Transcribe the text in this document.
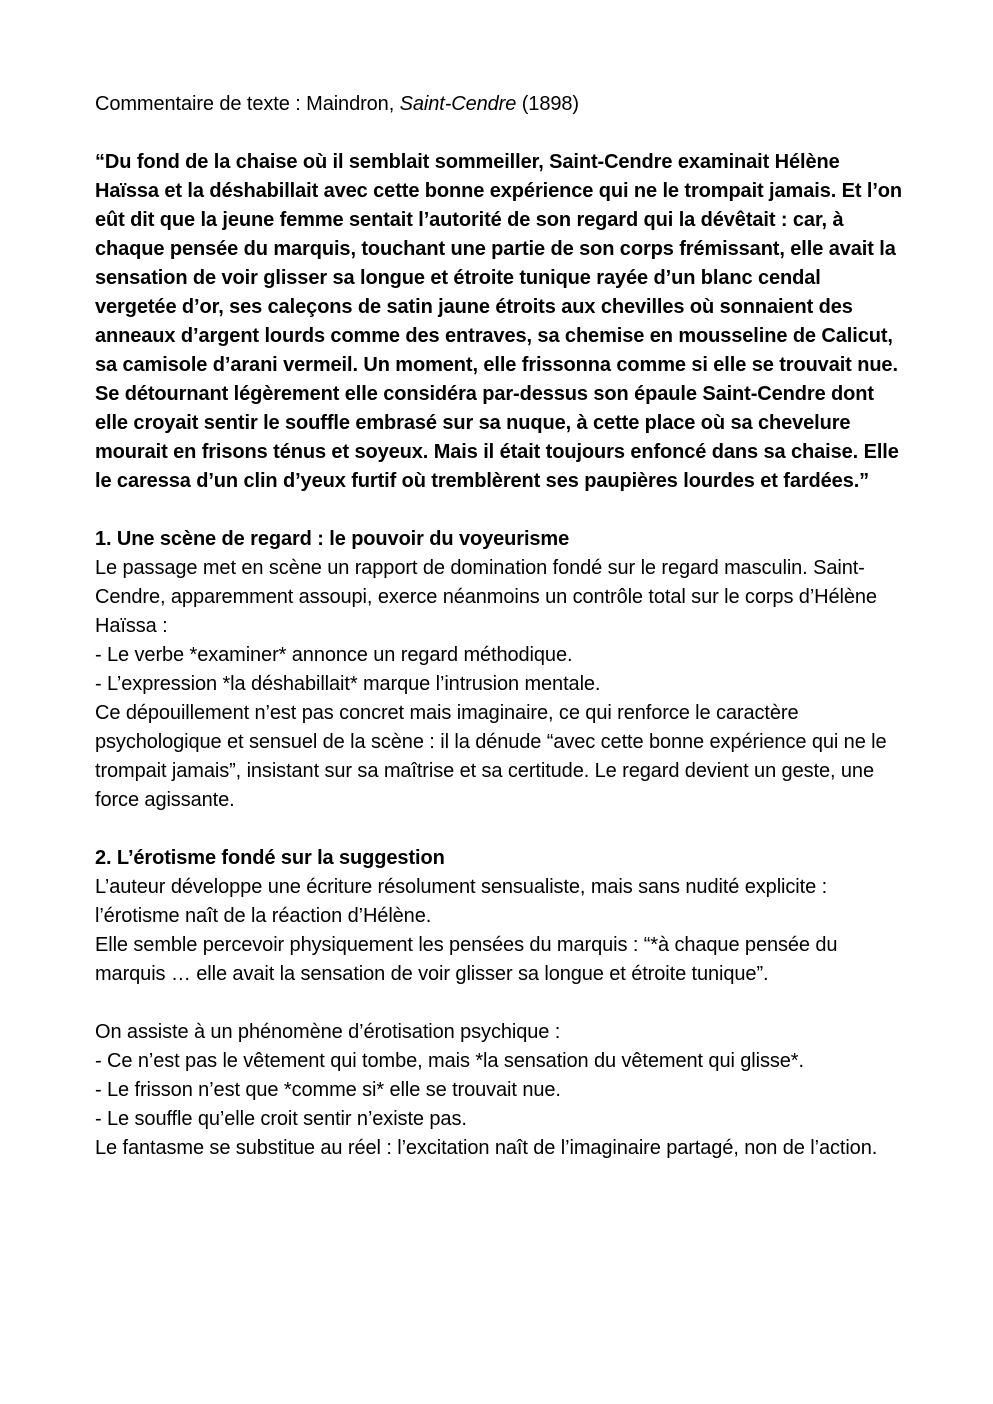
Commentaire de texte : Maindron, Saint-Cendre (1898)

“Du fond de la chaise où il semblait sommeiller, Saint-Cendre examinait Hélène Haïssa et la déshabillait avec cette bonne expérience qui ne le trompait jamais. Et l’on eût dit que la jeune femme sentait l’autorité de son regard qui la dévêtait : car, à chaque pensée du marquis, touchant une partie de son corps frémissant, elle avait la sensation de voir glisser sa longue et étroite tunique rayée d’un blanc cendal vergetée d’or, ses caleçons de satin jaune étroits aux chevilles où sonnaient des anneaux d’argent lourds comme des entraves, sa chemise en mousseline de Calicut, sa camisole d’arani vermeil. Un moment, elle frissonna comme si elle se trouvait nue. Se détournant légèrement elle considéra par-dessus son épaule Saint-Cendre dont elle croyait sentir le souffle embrasé sur sa nuque, à cette place où sa chevelure mourait en frisons ténus et soyeux. Mais il était toujours enfoncé dans sa chaise. Elle le caressa d’un clin d’yeux furtif où tremblèrent ses paupières lourdes et fardées.”

1. Une scène de regard : le pouvoir du voyeurisme

Le passage met en scène un rapport de domination fondé sur le regard masculin. Saint-Cendre, apparemment assoupi, exerce néanmoins un contrôle total sur le corps d’Hélène Haïssa :

- Le verbe *examiner* annonce un regard méthodique.

- L’expression *la déshabillait* marque l’intrusion mentale.

Ce dépouillement n’est pas concret mais imaginaire, ce qui renforce le caractère psychologique et sensuel de la scène : il la dénude “avec cette bonne expérience qui ne le trompait jamais”, insistant sur sa maîtrise et sa certitude. Le regard devient un geste, une force agissante.

2. L’érotisme fondé sur la suggestion

L’auteur développe une écriture résolument sensualiste, mais sans nudité explicite : l’érotisme naît de la réaction d’Hélène.

Elle semble percevoir physiquement les pensées du marquis : “*à chaque pensée du marquis … elle avait la sensation de voir glisser sa longue et étroite tunique”.

On assiste à un phénomène d’érotisation psychique :

- Ce n’est pas le vêtement qui tombe, mais *la sensation du vêtement qui glisse*.

- Le frisson n’est que *comme si* elle se trouvait nue.

- Le souffle qu’elle croit sentir n’existe pas.

Le fantasme se substitue au réel : l’excitation naît de l’imaginaire partagé, non de l’action.
